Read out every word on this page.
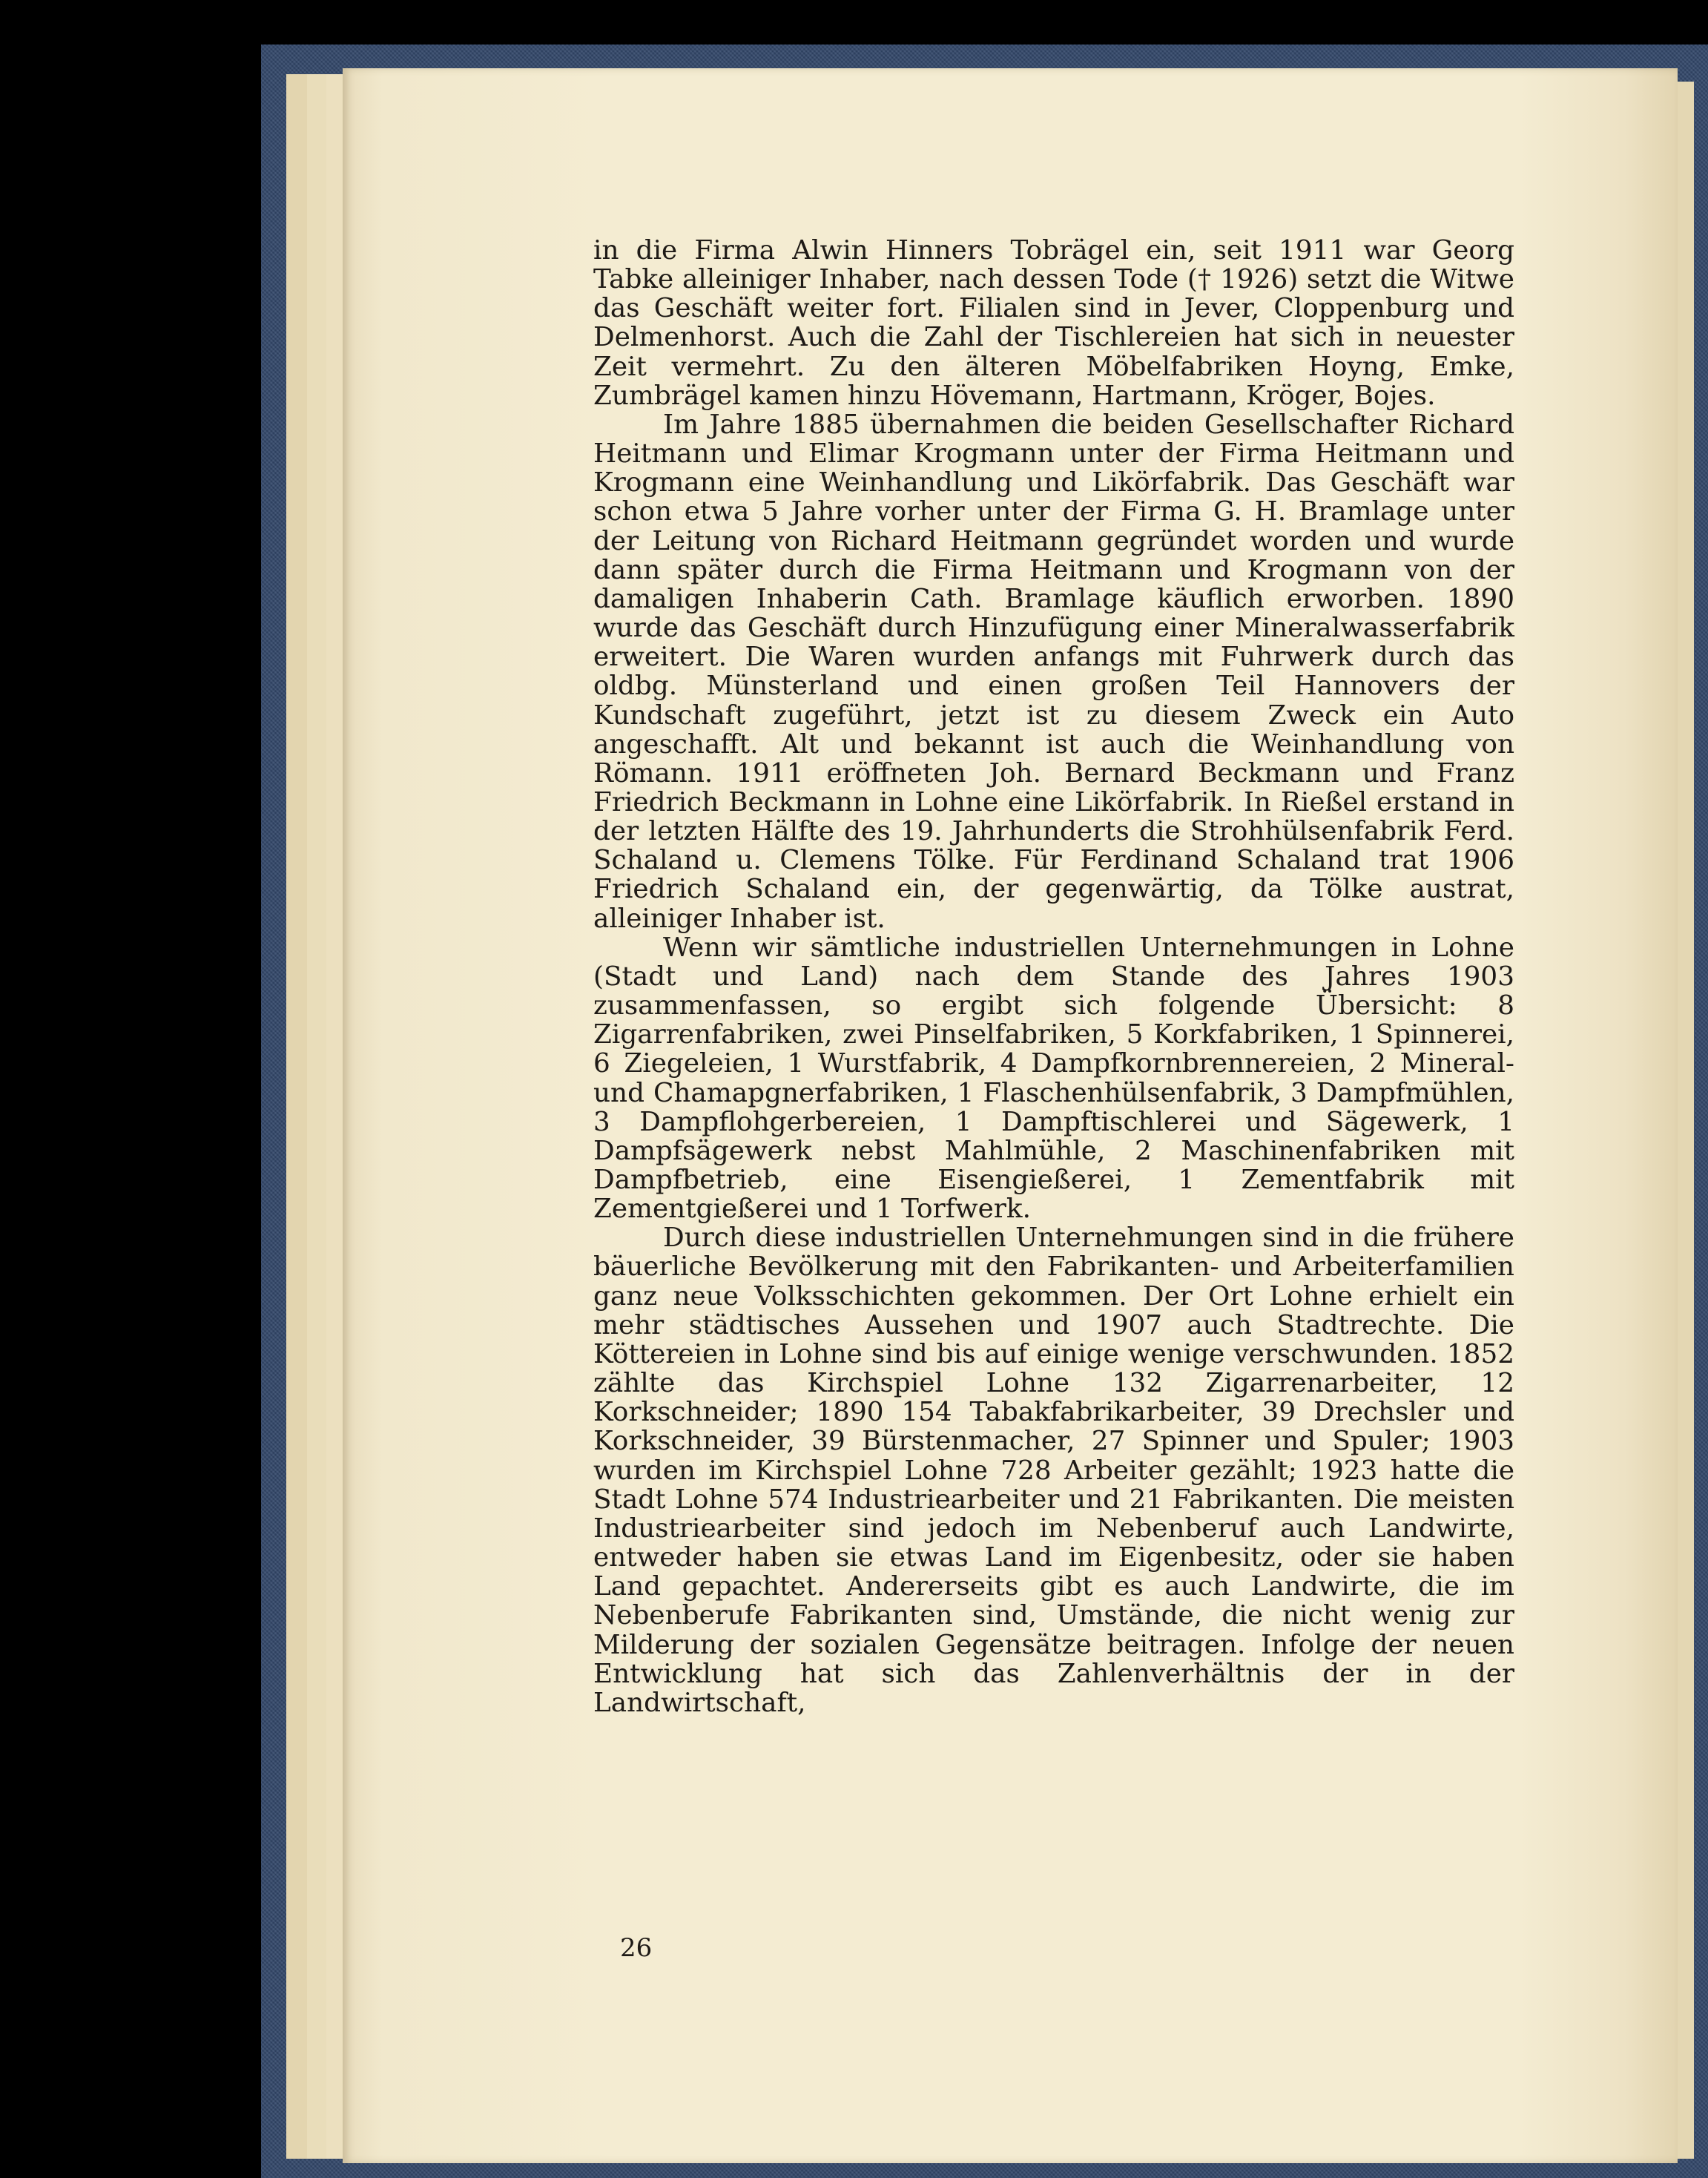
in die Firma Alwin Hinners Tobrägel ein, seit 1911 war Georg Tabke alleiniger Inhaber, nach dessen Tode († 1926) setzt die Witwe das Geschäft weiter fort. Filialen sind in Jever, Cloppenburg und Delmenhorst. Auch die Zahl der Tischlereien hat sich in neuester Zeit vermehrt. Zu den älteren Möbelfabriken Hoyng, Emke, Zumbrägel kamen hinzu Hövemann, Hartmann, Kröger, Bojes.

Im Jahre 1885 übernahmen die beiden Gesellschafter Richard Heitmann und Elimar Krogmann unter der Firma Heitmann und Krogmann eine Weinhandlung und Likörfabrik. Das Geschäft war schon etwa 5 Jahre vorher unter der Firma G. H. Bramlage unter der Leitung von Richard Heitmann gegründet worden und wurde dann später durch die Firma Heitmann und Krogmann von der damaligen Inhaberin Cath. Bramlage käuflich erworben. 1890 wurde das Geschäft durch Hinzufügung einer Mineralwasserfabrik erweitert. Die Waren wurden anfangs mit Fuhrwerk durch das oldbg. Münsterland und einen großen Teil Hannovers der Kundschaft zugeführt, jetzt ist zu diesem Zweck ein Auto angeschafft. Alt und bekannt ist auch die Weinhandlung von Römann. 1911 eröffneten Joh. Bernard Beckmann und Franz Friedrich Beckmann in Lohne eine Likörfabrik. In Rießel erstand in der letzten Hälfte des 19. Jahrhunderts die Strohhülsenfabrik Ferd. Schaland u. Clemens Tölke. Für Ferdinand Schaland trat 1906 Friedrich Schaland ein, der gegenwärtig, da Tölke austrat, alleiniger Inhaber ist.

Wenn wir sämtliche industriellen Unternehmungen in Lohne (Stadt und Land) nach dem Stande des Jahres 1903 zusammenfassen, so ergibt sich folgende Übersicht: 8 Zigarrenfabriken, zwei Pinselfabriken, 5 Korkfabriken, 1 Spinnerei, 6 Ziegeleien, 1 Wurstfabrik, 4 Dampfkornbrennereien, 2 Mineral- und Chamapgnerfabriken, 1 Flaschenhülsenfabrik, 3 Dampfmühlen, 3 Dampflohgerbereien, 1 Dampftischlerei und Sägewerk, 1 Dampfsägewerk nebst Mahlmühle, 2 Maschinenfabriken mit Dampfbetrieb, eine Eisengießerei, 1 Zementfabrik mit Zementgießerei und 1 Torfwerk.

Durch diese industriellen Unternehmungen sind in die frühere bäuerliche Bevölkerung mit den Fabrikanten- und Arbeiterfamilien ganz neue Volksschichten gekommen. Der Ort Lohne erhielt ein mehr städtisches Aussehen und 1907 auch Stadtrechte. Die Köttereien in Lohne sind bis auf einige wenige verschwunden. 1852 zählte das Kirchspiel Lohne 132 Zigarrenarbeiter, 12 Korkschneider; 1890 154 Tabakfabrikarbeiter, 39 Drechsler und Korkschneider, 39 Bürstenmacher, 27 Spinner und Spuler; 1903 wurden im Kirchspiel Lohne 728 Arbeiter gezählt; 1923 hatte die Stadt Lohne 574 Industriearbeiter und 21 Fabrikanten. Die meisten Industriearbeiter sind jedoch im Nebenberuf auch Landwirte, entweder haben sie etwas Land im Eigenbesitz, oder sie haben Land gepachtet. Andererseits gibt es auch Landwirte, die im Nebenberufe Fabrikanten sind, Umstände, die nicht wenig zur Milderung der sozialen Gegensätze beitragen. Infolge der neuen Entwicklung hat sich das Zahlenverhältnis der in der Landwirtschaft,

26
